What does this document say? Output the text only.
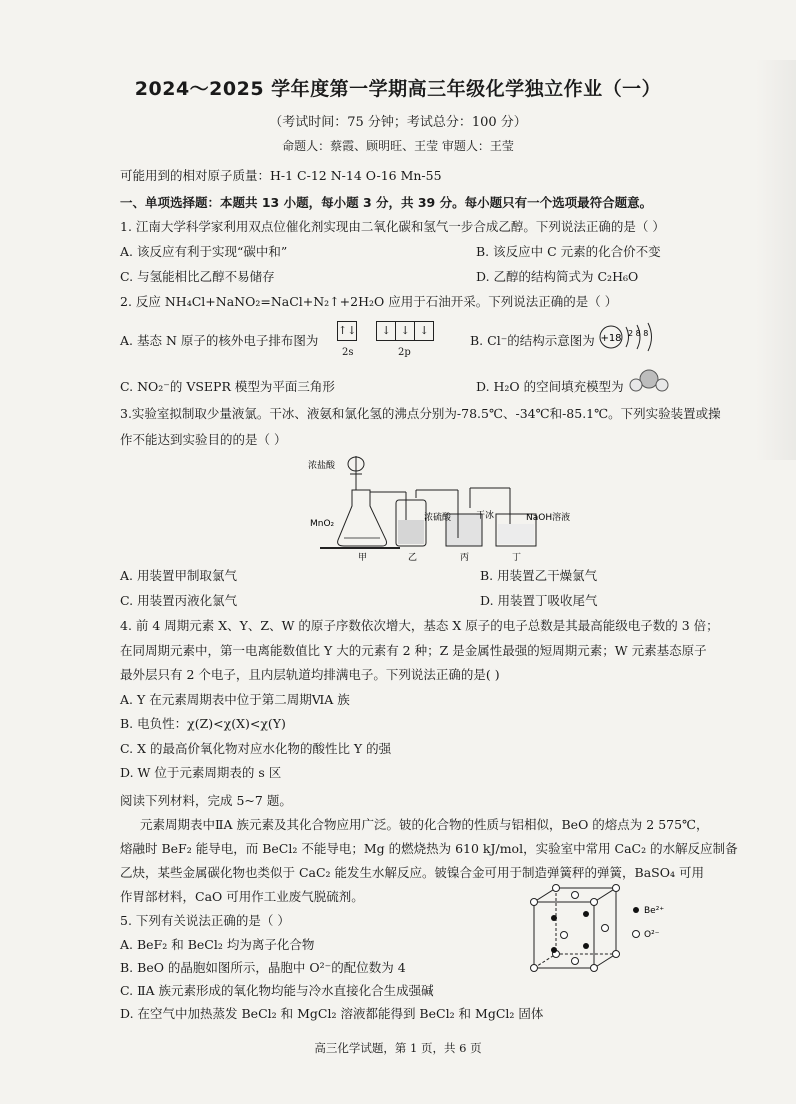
2024～2025 学年度第一学期高三年级化学独立作业（一）
（考试时间：75 分钟；考试总分：100 分）
命题人：蔡霞、顾明旺、王莹 审题人：王莹
可能用到的相对原子质量：H-1 C-12 N-14 O-16 Mn-55
一、单项选择题：本题共 13 小题，每小题 3 分，共 39 分。每小题只有一个选项最符合题意。
1. 江南大学科学家利用双点位催化剂实现由二氧化碳和氢气一步合成乙醇。下列说法正确的是（ ）
A. 该反应有利于实现“碳中和”	B. 该反应中 C 元素的化合价不变
C. 与氢能相比乙醇不易储存	D. 乙醇的结构简式为 C₂H₆O
2. 反应 NH₄Cl+NaNO₂=NaCl+N₂↑+2H₂O 应用于石油开采。下列说法正确的是（ ）
A. 基态 N 原子的核外电子排布图为
↑↓ ↓ ↓ ↓
2s	2p
B. Cl⁻的结构示意图为 +18 2 8 8
C. NO₂⁻的 VSEPR 模型为平面三角形	D. H₂O 的空间填充模型为
3.实验室拟制取少量液氯。干冰、液氨和氯化氢的沸点分别为-78.5℃、-34℃和-85.1℃。下列实验装置或操
作不能达到实验目的的是（ ）
浓盐酸
MnO₂
浓硫酸	干冰	NaOH溶液
甲	乙	丙	丁
A. 用装置甲制取氯气	B. 用装置乙干燥氯气
C. 用装置丙液化氯气	D. 用装置丁吸收尾气
4. 前 4 周期元素 X、Y、Z、W 的原子序数依次增大，基态 X 原子的电子总数是其最高能级电子数的 3 倍；
在同周期元素中，第一电离能数值比 Y 大的元素有 2 种；Z 是金属性最强的短周期元素；W 元素基态原子
最外层只有 2 个电子，且内层轨道均排满电子。下列说法正确的是( )
A. Y 在元素周期表中位于第二周期ⅥA 族
B. 电负性：χ(Z)<χ(X)<χ(Y)
C. X 的最高价氧化物对应水化物的酸性比 Y 的强
D. W 位于元素周期表的 s 区
阅读下列材料，完成 5~7 题。
元素周期表中ⅡA 族元素及其化合物应用广泛。铍的化合物的性质与铝相似，BeO 的熔点为 2 575℃，
熔融时 BeF₂ 能导电，而 BeCl₂ 不能导电；Mg 的燃烧热为 610 kJ/mol，实验室中常用 CaC₂ 的水解反应制备
乙炔，某些金属碳化物也类似于 CaC₂ 能发生水解反应。铍镍合金可用于制造弹簧秤的弹簧，BaSO₄ 可用
作胃部材料，CaO 可用作工业废气脱硫剂。
5. 下列有关说法正确的是（ ）
A. BeF₂ 和 BeCl₂ 均为离子化合物
B. BeO 的晶胞如图所示，晶胞中 O²⁻的配位数为 4
C. ⅡA 族元素形成的氧化物均能与冷水直接化合生成强碱
D. 在空气中加热蒸发 BeCl₂ 和 MgCl₂ 溶液都能得到 BeCl₂ 和 MgCl₂ 固体
Be²⁺
O²⁻
高三化学试题，第 1 页，共 6 页
